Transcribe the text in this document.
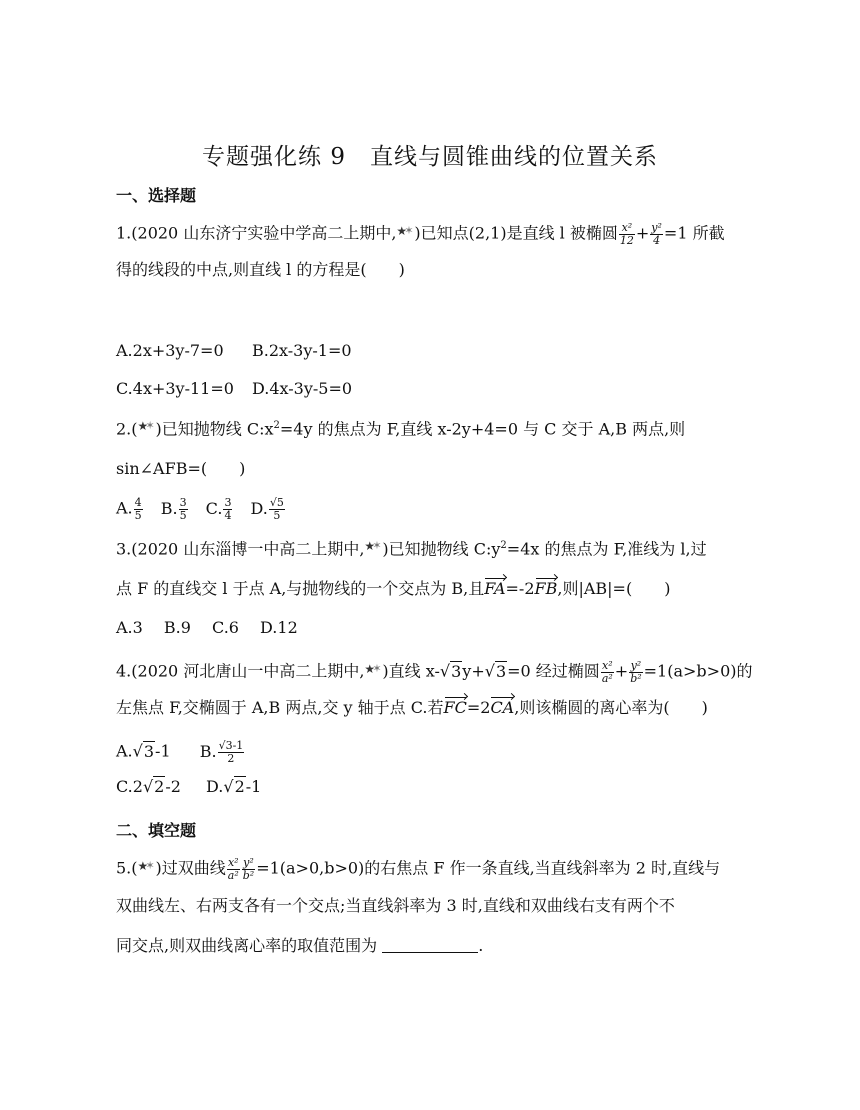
专题强化练 9　直线与圆锥曲线的位置关系
一、选择题
1.(2020 山东济宁实验中学高二上期中, ★ ✶ )已知点(2,1)是直线 l 被椭圆 $\frac{\text{x²}}{12} + \frac{\text{y²}}{4} =1$ 所截
得的线段的中点,则直线 l 的方程是(　　)
A.2x+3y-7=0 B.2x-3y-1=0
C.4x+3y-11=0 D.4x-3y-5=0
2.( ★ ✶ )已知抛物线 $C:x^2=4y$ 的焦点为 F,直线 x-2y+4=0 与 C 交于 A,B 两点,则
sin∠AFB=(　　)
A. $\frac{4}{5} B$. $\frac{3}{5} C$. $\frac{3}{4} D$. $\frac{√5}{5}$
3.(2020 山东淄博一中高二上期中, ★ ✶ )已知抛物线 $C:y^2=4x$ 的焦点为 F,准线为 l,过
点 F 的直线交 l 于点 A,与抛物线的一个交点为 B,且FA=-2FB,则|AB|=(　　)
A.3　 B.9　 C.6　 D.12
4.(2020 河北唐山一中高二上期中, ★ ✶ )直线 x-√3y+√3=0 经过椭圆 $\frac{\text{x²}}{\text{a²}} + \frac{\text{y²}}{\text{b²}} =1(a>b>0)$的
左焦点 F,交椭圆于 A,B 两点,交 y 轴于点 C.若FC=2CA,则该椭圆的离心率为(　　)
A.√3-1 B. $\frac{√3-1}{2}$
C.2√2-2 D.√2-1
二、填空题
5.( ★ ✶ )过双曲线 $\frac{\text{x²}}{\text{a²}} \frac{\text{y²}}{\text{b²}} =1(a>0,b>0)$的右焦点 F 作一条直线,当直线斜率为 2 时,直线与
双曲线左、右两支各有一个交点;当直线斜率为 3 时,直线和双曲线右支有两个不
同交点,则双曲线离心率的取值范围为	.
